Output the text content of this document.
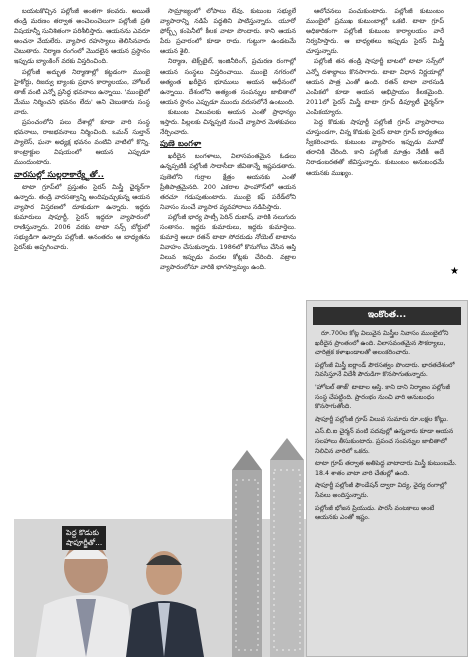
బయటకొచ్చిన పల్లోంజీ అంతగా కలవరు. అయితే తండ్రి మరణం తర్వాత అంచెలంచెలుగా పల్లోంజీ ప్రతి విషయాన్నీ సునిశితంగా పరిశీలిస్తారు. ఆయనను ఎవరూ అంచనా వేయలేరు. వ్యాపార రహస్యాలు తెలిసినవారు చెబుతారు. నిర్మాణ రంగంలో మొదలైన ఆయన ప్రస్థానం ఇప్పుడు బ్యాంకింగ్ వరకు విస్తరించింది.

పల్లోంజీ అద్భుత నిర్మాణాల్లో కట్టడంగా ముంబై హైకోర్టు, రిజర్వు బ్యాంకు ప్రధాన కార్యాలయం, హోటల్ తాజ్ వంటి ఎన్నో ప్రసిద్ధ భవనాలు ఉన్నాయి. 'ముంబైలో మేము నిర్మించని భవనం లేదు' అని చెబుతారు సంస్థ వారు.

ప్రపంచంలోని పలు దేశాల్లో కూడా వారి సంస్థ భవనాలు, రాజభవనాలు నిర్మించింది. ఒమన్ సుల్తాన్ ప్యాలెస్, ఘనా అధ్యక్ష భవనం వంటివి వాటిలో కొన్ని. కాంట్రాక్టుల విషయంలో ఆయన ఎప్పుడూ ముందుంటారు.

వారసుల్లో సుల్లరాకార్య్టేతో..

టాటా గ్రూప్‌లో ప్రస్తుతం సైరస్ మిస్త్రీ ఛైర్మన్‌గా ఉన్నారు. తండ్రి వారసత్వాన్ని అందిపుచ్చుకున్న ఆయన వ్యాపార విస్తరణలో దూకుడుగా ఉన్నారు. ఇద్దరు కుమారులు షాపూర్జీ, సైరస్ ఇద్దరూ వ్యాపారంలో రాణిస్తున్నారు. 2006 వరకు టాటా సన్స్ బోర్డులో సభ్యుడిగా ఉన్నారు పల్లోంజీ. అనంతరం ఆ బాధ్యతను సైరస్‌కు అప్పగించారు.

సామ్రాజ్యంలో లోపాలు లేవు. కుటుంబ సభ్యులే వ్యాపారాన్ని నడిపే పద్ధతిని పాటిస్తున్నారు. యూరో ఫోర్బ్స్ కంపెనీలో కీలక వాటా పొందారు. కాని ఆయన పేరు ప్రచారంలో కూడా రాదు. గుట్టుగా ఉండటమే ఆయన శైలి.

నిర్మాణ, టెక్స్‌టైల్, ఇంజినీరింగ్, ప్రచురణ రంగాల్లో ఆయన సంస్థలు విస్తరించాయి. ముంబై నగరంలో అత్యంత ఖరీదైన భూములు ఆయన అధీనంలో ఉన్నాయి. దేశంలోని అత్యంత సంపన్నుల జాబితాలో ఆయన స్థానం ఎప్పుడూ ముందు వరుసలోనే ఉంటుంది.

కుటుంబ విలువలకు ఆయన ఎంతో ప్రాధాన్యం ఇస్తారు. పిల్లలకు చిన్నప్పటి నుంచే వ్యాపార మెళకువలు నేర్పించారు.

పుణె బంగళా

ఖరీదైన బంగళాలు, విలాసవంతమైన ఓడలు ఉన్నప్పటికీ పల్లోంజీ సాదాసీదా జీవితాన్నే ఇష్టపడతారు. పుణెలోని గుర్రాల క్షేత్రం ఆయనకు ఎంతో ప్రీతిపాత్రమైనది. 200 ఎకరాల ఫాంహౌస్‌లో ఆయన తరచూ గడుపుతుంటారు. ముంబై కఫ్ పరేడ్‌లోని నివాసం నుంచే వ్యాపార వ్యవహారాలు నడిపిస్తారు.

పల్లోంజీ భార్య పాట్సీ పెరిన్ దుబాష్. వారికి నలుగురు సంతానం. ఇద్దరు కుమారులు, ఇద్దరు కుమార్తెలు. కుమార్తె ఆలూ రతన్ టాటా సోదరుడు నోయెల్ టాటాను వివాహం చేసుకున్నారు. 1986లో కొనుగోలు చేసిన ఆస్తి విలువ ఇప్పుడు వందల కోట్లకు చేరింది. వజ్రాల వ్యాపారంలోనూ వారికి భాగస్వామ్యం ఉంది.

ఆలోచనలు పంచుకుంటారు. పల్లోంజీ కుటుంబం ముంబైలో ప్రముఖ కుటుంబాల్లో ఒకటి. టాటా గ్రూప్ అధికారికంగా పల్లోంజీ కుటుంబ కార్యాలయం వారే నిర్వహిస్తారు. ఆ బాధ్యతలు ఇప్పుడు సైరస్ మిస్త్రీ చూస్తున్నారు.

పల్లోంజీ తన తండ్రి షాపూర్జీ బాటలో టాటా సన్స్‌లో ఎన్నో దశాబ్దాలు కొనసాగారు. టాటా విధాన నిర్ణయాల్లో ఆయన పాత్ర ఎంతో ఉంది. రతన్ టాటా వారసుడి ఎంపికలో కూడా ఆయన అభిప్రాయం కీలకమైంది. 2011లో సైరస్ మిస్త్రీ టాటా గ్రూప్ డిప్యూటీ ఛైర్మన్‌గా ఎంపికయ్యారు.

పెద్ద కొడుకు షాపూర్జీ పల్లోంజీ గ్రూప్ వ్యాపారాలు చూస్తుండగా, చిన్న కొడుకు సైరస్ టాటా గ్రూప్ బాధ్యతలు స్వీకరించారు. కుటుంబ వ్యాపారం ఇప్పుడు మూడో తరానికి చేరింది. కాని పల్లోంజీ మాత్రం నేటికీ అదే నిరాడంబరతతో జీవిస్తున్నారు. కుటుంబం అనుబంధమే ఆయనకు ముఖ్యం.

★
పెద్ద కొడుకు
షాపూర్జీతో...
ఇంకొంత...

రూ.700ల కోట్ల విలువైన మిస్త్రీల నివాసం ముంబైలోని ఖరీదైన ప్రాంతంలో ఉంది. విలాసవంతమైన సౌకర్యాలు, చారిత్రక కళాఖండాలతో అలంకరించారు.

పల్లోంజీ మిస్త్రీ ఐర్లాండ్ పౌరసత్వం పొందారు. భారతదేశంలో నివసిస్తూనే విదేశీ పౌరుడిగా కొనసాగుతున్నారు.

'హోటల్ తాజ్' టాటాల ఆస్తి. కాని దాని నిర్మాణం పల్లోంజీ సంస్థ చేపట్టింది. ప్రారంభం నుంచి వారి అనుబంధం కొనసాగుతోంది.

షాపూర్జీ పల్లోంజీ గ్రూప్ విలువ సుమారు రూ.లక్షల కోట్లు.

ఎస్.బి.ఐ చైర్మన్ వంటి పదవుల్లో ఉన్నవారు కూడా ఆయన సలహాలు తీసుకుంటారు. ప్రపంచ సంపన్నుల జాబితాలో నిలిచిన వారిలో ఒకరు.

టాటా గ్రూప్ తర్వాత అతిపెద్ద వాటాదారు మిస్త్రీ కుటుంబమే. 18.4 శాతం వాటా వారి చేతుల్లో ఉంది.

షాపూర్జీ పల్లోంజీ ఫౌండేషన్ ద్వారా విద్య, వైద్య రంగాల్లో సేవలు అందిస్తున్నారు.

పల్లోంజీ భోజన ప్రియుడు. పారసీ వంటకాలు అంటే ఆయనకు ఎంతో ఇష్టం.
